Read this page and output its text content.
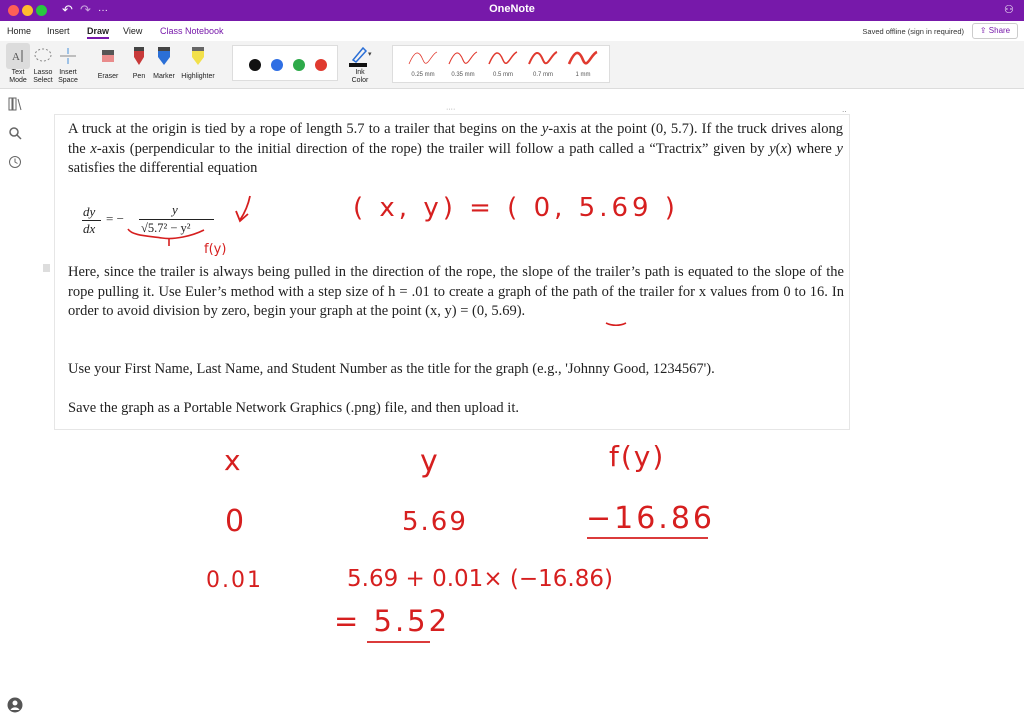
↶ ↷ ···	OneNote	⚇
Home Insert Draw View Class Notebook	Saved offline (sign in required)	⇪ Share
A
Text
Mode
Lasso
Select
Insert
Space
Eraser	Pen	Marker Highlighter
▾
Ink
Color
0.25 mm	0.35 mm	0.5 mm	0.7 mm	1 mm
····	‥
A truck at the origin is tied by a rope of length 5.7 to a trailer that begins on the y-axis at the point (0, 5.7). If the truck drives along the x-axis (perpendicular to the initial direction of the rope) the trailer will follow a path called a “Tractrix” given by y(x) where y satisfies the differential equation
dy
dx
= −
y
√5.7² − y²
Here, since the trailer is always being pulled in the direction of the rope, the slope of the trailer’s path is equated to the slope of the rope pulling it. Use Euler’s method with a step size of h = .01 to create a graph of the path of the trailer for x values from 0 to 16. In order to avoid division by zero, begin your graph at the point (x, y) = (0, 5.69).
Use your First Name, Last Name, and Student Number as the title for the graph (e.g., 'Johnny Good, 1234567').
Save the graph as a Portable Network Graphics (.png) file, and then upload it.
( x, y) = ( 0, 5.69 )
f(y)
x	y	f(y)
0	5.69	−16.86
0.01	5.69 + 0.01× (−16.86)
= 5.52
